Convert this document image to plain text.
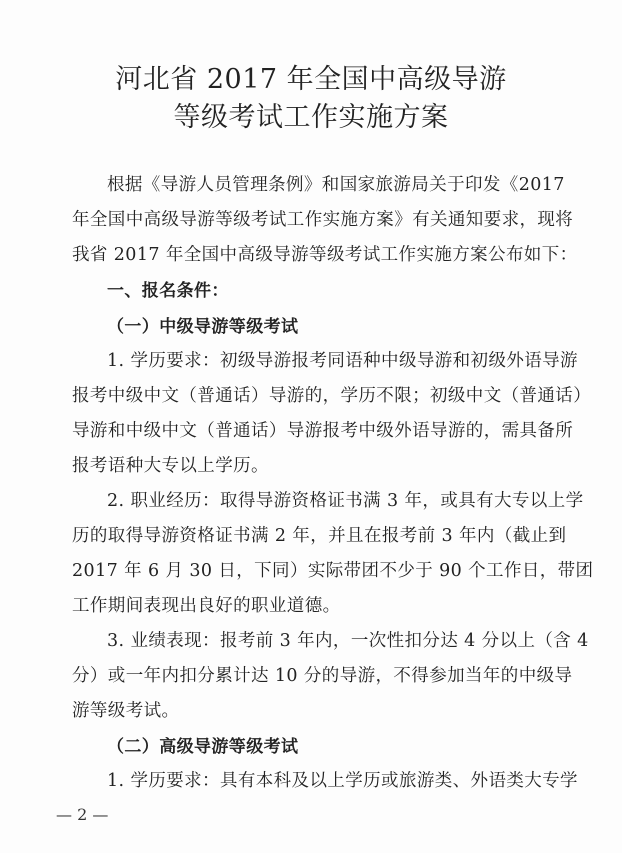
河北省 2017 年全国中高级导游
等级考试工作实施方案
根据《导游人员管理条例》和国家旅游局关于印发《2017
年全国中高级导游等级考试工作实施方案》有关通知要求，现将
我省 2017 年全国中高级导游等级考试工作实施方案公布如下：
一、报名条件：
（一）中级导游等级考试
1. 学历要求：初级导游报考同语种中级导游和初级外语导游
报考中级中文（普通话）导游的，学历不限；初级中文（普通话）
导游和中级中文（普通话）导游报考中级外语导游的，需具备所
报考语种大专以上学历。
2. 职业经历：取得导游资格证书满 3 年，或具有大专以上学
历的取得导游资格证书满 2 年，并且在报考前 3 年内（截止到
2017 年 6 月 30 日，下同）实际带团不少于 90 个工作日，带团
工作期间表现出良好的职业道德。
3. 业绩表现：报考前 3 年内，一次性扣分达 4 分以上（含 4
分）或一年内扣分累计达 10 分的导游，不得参加当年的中级导
游等级考试。
（二）高级导游等级考试
1. 学历要求：具有本科及以上学历或旅游类、外语类大专学
— 2 —
